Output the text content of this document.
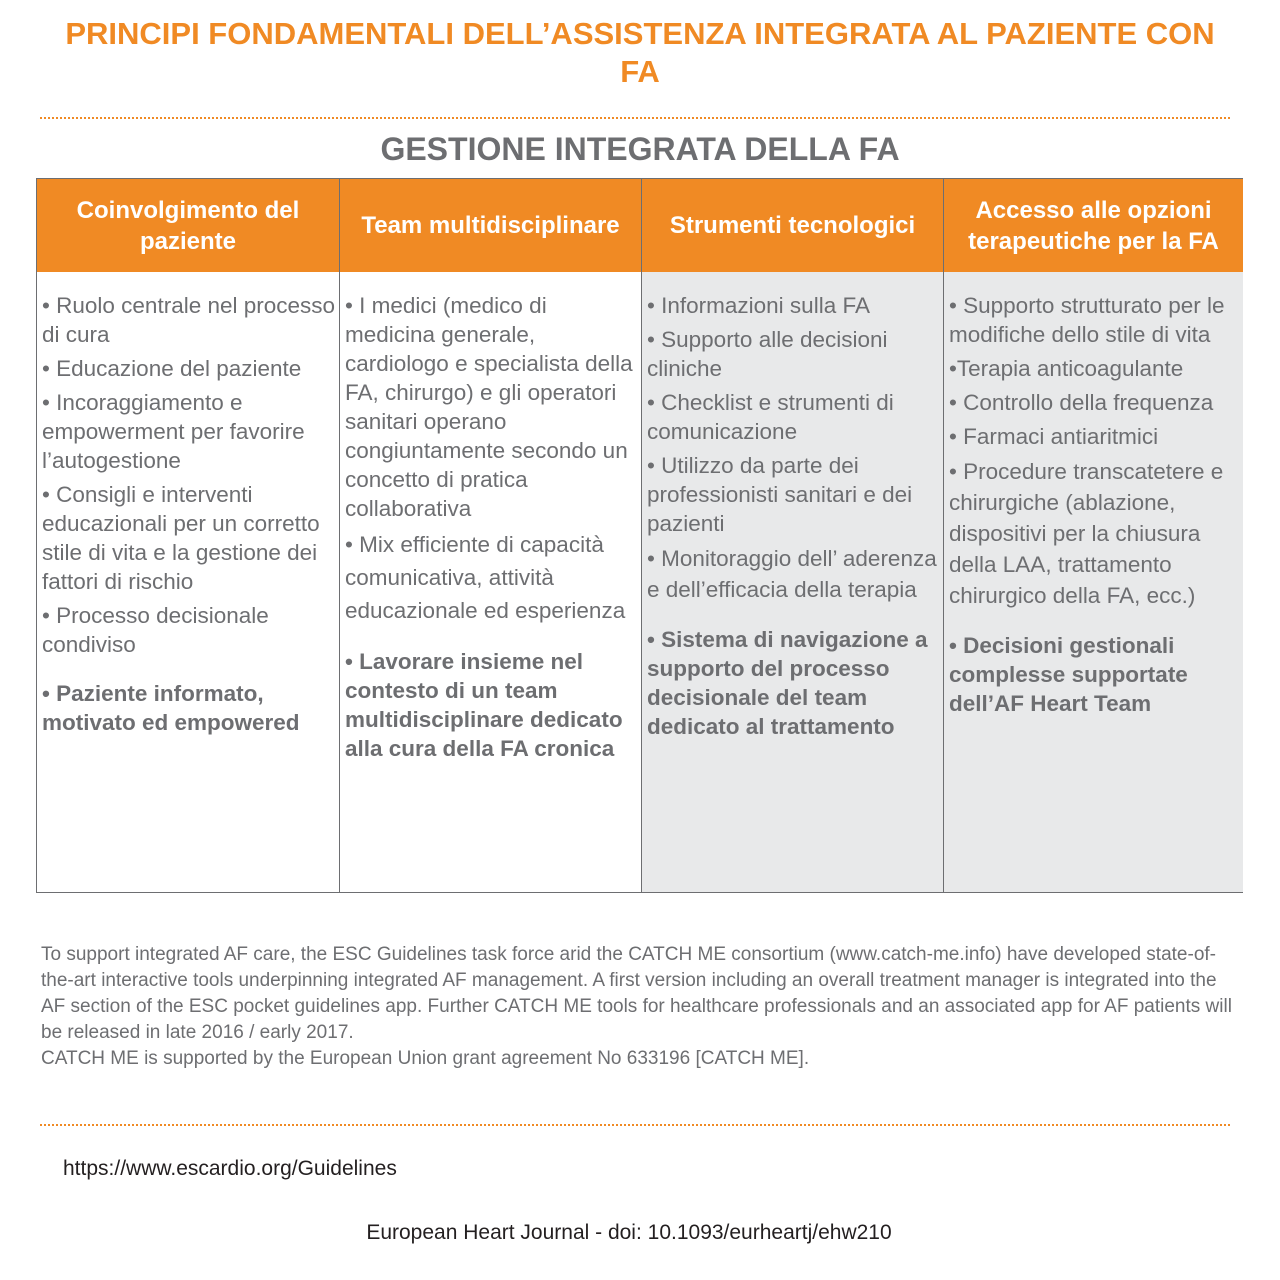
PRINCIPI FONDAMENTALI DELL’ASSISTENZA INTEGRATA AL PAZIENTE CON FA
GESTIONE INTEGRATA DELLA FA
Coinvolgimento del paziente

• Ruolo centrale nel processo di cura

• Educazione del paziente

• Incoraggiamento e empowerment per favorire l’autogestione

• Consigli e interventi educazionali per un corretto stile di vita e la gestione dei fattori di rischio

• Processo decisionale condiviso

• Paziente informato, motivato ed empowered

Team multidisciplinare

• I medici (medico di medicina generale, cardiologo e specialista della FA, chirurgo) e gli operatori sanitari operano congiuntamente secondo un concetto di pratica collaborativa

• Mix efficiente di capacità comunicativa, attività educazionale ed esperienza

• Lavorare insieme nel contesto di un team multidisciplinare dedicato alla cura della FA cronica

Strumenti tecnologici

• Informazioni sulla FA

• Supporto alle decisioni cliniche

• Checklist e strumenti di comunicazione

• Utilizzo da parte dei professionisti sanitari e dei pazienti

• Monitoraggio dell’ aderenza e dell’efficacia della terapia

• Sistema di navigazione a supporto del processo decisionale del team dedicato al trattamento

Accesso alle opzioni terapeutiche per la FA

• Supporto strutturato per le modifiche dello stile di vita

•Terapia anticoagulante

• Controllo della frequenza

• Farmaci antiaritmici

• Procedure transcatetere e chirurgiche (ablazione, dispositivi per la chiusura della LAA, trattamento chirurgico della FA, ecc.)

• Decisioni gestionali complesse supportate dell’AF Heart Team

To support integrated AF care, the ESC Guidelines task force arid the CATCH ME consortium (www.catch-me.info) have developed state-of-the-art interactive tools underpinning integrated AF management. A first version including an overall treatment manager is integrated into the AF section of the ESC pocket guidelines app. Further CATCH ME tools for healthcare professionals and an associated app for AF patients will be released in late 2016 / early 2017.

CATCH ME is supported by the European Union grant agreement No 633196 [CATCH ME].

https://www.escardio.org/Guidelines
European Heart Journal - doi: 10.1093/eurheartj/ehw210
